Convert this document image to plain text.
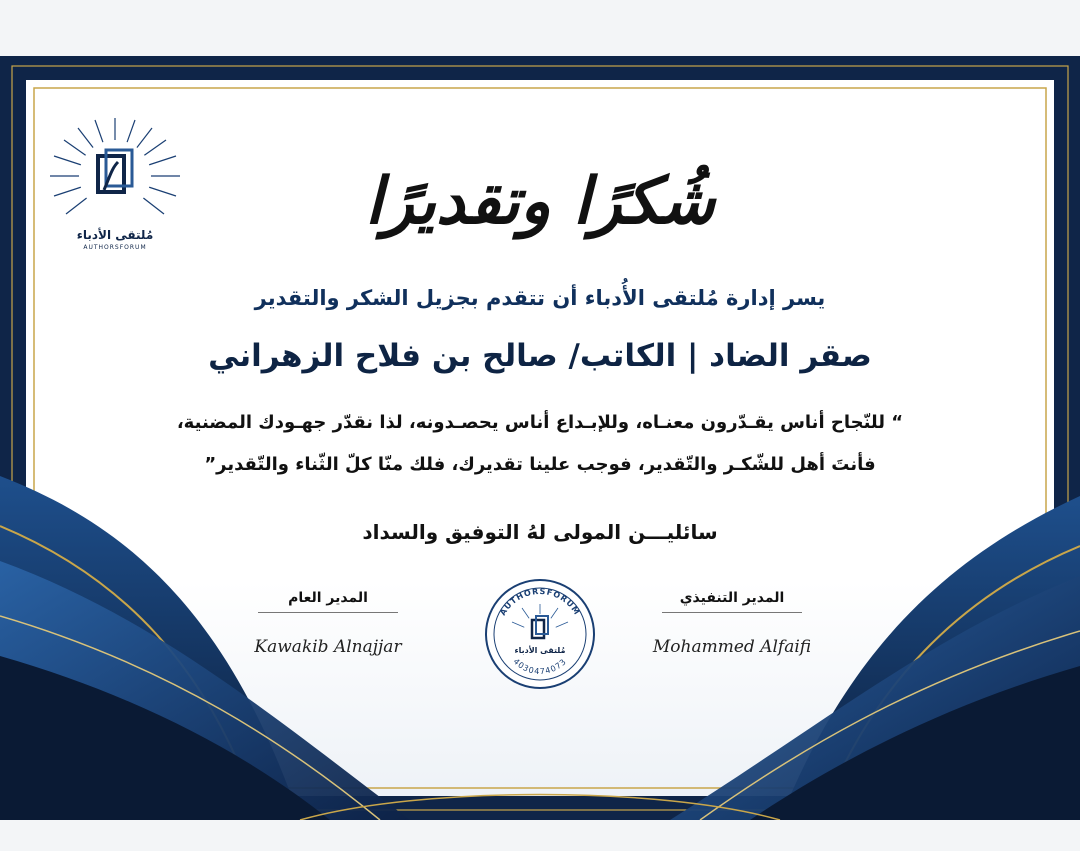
مُلتقى الأدباء
AUTHORSFORUM
شُكرًا وتقديرًا
يسر إدارة مُلتقى الأُدباء أن تتقدم بجزيل الشكر والتقدير
صقر الضاد | الكاتب/ صالح بن فلاح الزهراني
“ للنّجاح أناس يقـدّرون معنـاه، وللإبـداع أناس يحصـدونه، لذا نقدّر جهـودك المضنية،
فأنتَ أهل للشّكـر والتّقدير، فوجب علينا تقديرك، فلك منّا كلّ الثّناء والتّقدير”
سائليـــن المولى لهُ التوفيق والسداد
المدير العام
Kawakib Alnajjar
AUTHORSFORUM
4030474073
مُلتقى الأدباء
المدير التنفيذي
Mohammed Alfaifi
